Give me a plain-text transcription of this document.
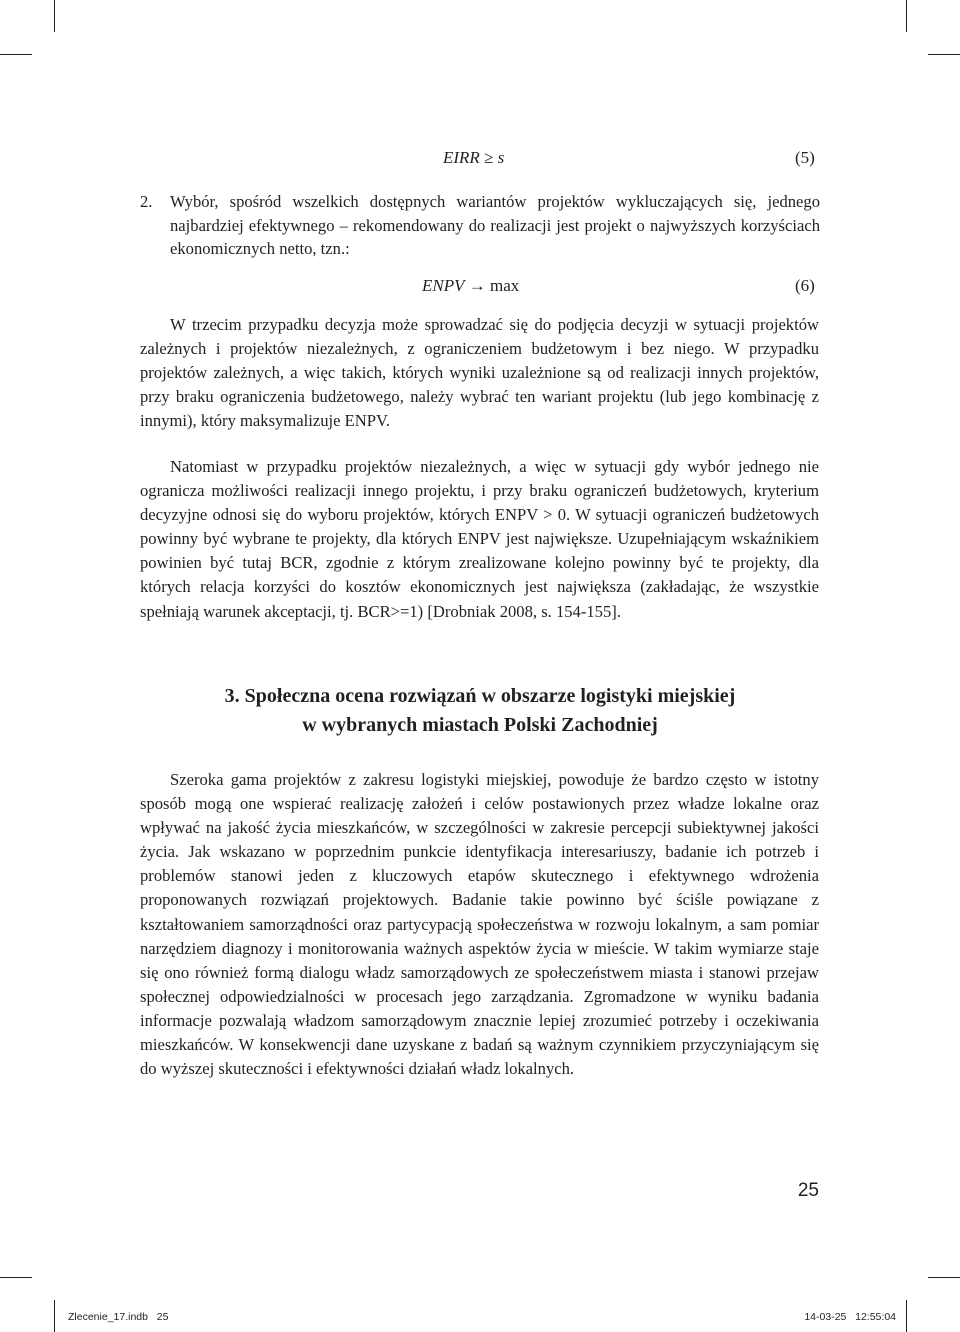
EIRR ≥ s	(5)
2. Wybór, spośród wszelkich dostępnych wariantów projektów wykluczających się, jednego najbardziej efektywnego – rekomendowany do realizacji jest projekt o najwyższych korzyściach ekonomicznych netto, tzn.:
ENPV → max	(6)

W trzecim przypadku decyzja może sprowadzać się do podjęcia decyzji w sytuacji projektów zależnych i projektów niezależnych, z ograniczeniem budżetowym i bez niego. W przypadku projektów zależnych, a więc takich, których wyniki uzależnione są od realizacji innych projektów, przy braku ograniczenia budżetowego, należy wybrać ten wariant projektu (lub jego kombinację z innymi), który maksymalizuje ENPV.

Natomiast w przypadku projektów niezależnych, a więc w sytuacji gdy wybór jednego nie ogranicza możliwości realizacji innego projektu, i przy braku ograniczeń budżetowych, kryterium decyzyjne odnosi się do wyboru projektów, których ENPV > 0. W sytuacji ograniczeń budżetowych powinny być wybrane te projekty, dla których ENPV jest największe. Uzupełniającym wskaźnikiem powinien być tutaj BCR, zgodnie z którym zrealizowane kolejno powinny być te projekty, dla których relacja korzyści do kosztów ekonomicznych jest największa (zakładając, że wszystkie spełniają warunek akceptacji, tj. BCR>=1) [Drobniak 2008, s. 154-155].

3. Społeczna ocena rozwiązań w obszarze logistyki miejskiej
w wybranych miastach Polski Zachodniej

Szeroka gama projektów z zakresu logistyki miejskiej, powoduje że bardzo często w istotny sposób mogą one wspierać realizację założeń i celów postawionych przez władze lokalne oraz wpływać na jakość życia mieszkańców, w szczególności w zakresie percepcji subiektywnej jakości życia. Jak wskazano w poprzednim punkcie identyfikacja interesariuszy, badanie ich potrzeb i problemów stanowi jeden z kluczowych etapów skutecznego i efektywnego wdrożenia proponowanych rozwiązań projektowych. Badanie takie powinno być ściśle powiązane z kształtowaniem samorządności oraz partycypacją społeczeństwa w rozwoju lokalnym, a sam pomiar narzędziem diagnozy i monitorowania ważnych aspektów życia w mieście. W takim wymiarze staje się ono również formą dialogu władz samorządowych ze społeczeństwem miasta i stanowi przejaw społecznej odpowiedzialności w procesach jego zarządzania. Zgromadzone w wyniku badania informacje pozwalają władzom samorządowym znacznie lepiej zrozumieć potrzeby i oczekiwania mieszkańców. W konsekwencji dane uzyskane z badań są ważnym czynnikiem przyczyniającym się do wyższej skuteczności i efektywności działań władz lokalnych.

25
Zlecenie_17.indb   25	14-03-25   12:55:04
